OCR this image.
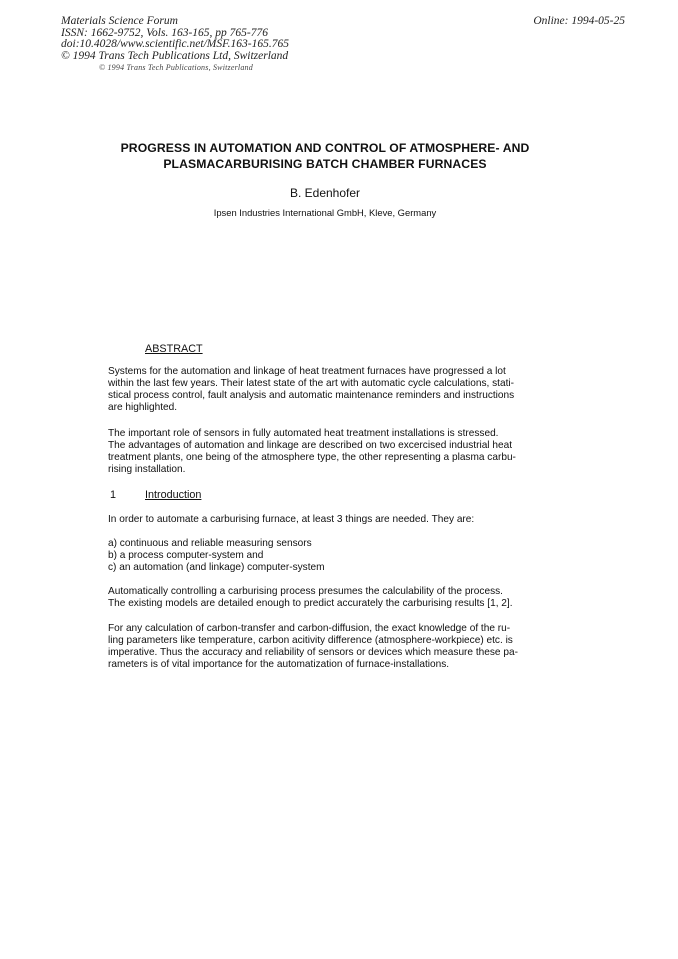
Materials Science Forum
ISSN: 1662-9752, Vols. 163-165, pp 765-776
doi:10.4028/www.scientific.net/MSF.163-165.765
© 1994 Trans Tech Publications Ltd, Switzerland
© 1994 Trans Tech Publications, Switzerland
Online: 1994-05-25
PROGRESS IN AUTOMATION AND CONTROL OF ATMOSPHERE- AND
PLASMACARBURISING BATCH CHAMBER FURNACES
B. Edenhofer
Ipsen Industries International GmbH, Kleve, Germany
ABSTRACT

Systems for the automation and linkage of heat treatment furnaces have progressed a lot

within the last few years. Their latest state of the art with automatic cycle calculations, stati-

stical process control, fault analysis and automatic maintenance reminders and instructions

are highlighted.

The important role of sensors in fully automated heat treatment installations is stressed.

The advantages of automation and linkage are described on two excercised industrial heat

treatment plants, one being of the atmosphere type, the other representing a plasma carbu-

rising installation.

1	Introduction
In order to automate a carburising furnace, at least 3 things are needed. They are:

a) continuous and reliable measuring sensors

b) a process computer-system and

c) an automation (and linkage) computer-system

Automatically controlling a carburising process presumes the calculability of the process.

The existing models are detailed enough to predict accurately the carburising results [1, 2].

For any calculation of carbon-transfer and carbon-diffusion, the exact knowledge of the ru-

ling parameters like temperature, carbon acitivity difference (atmosphere-workpiece) etc. is

imperative. Thus the accuracy and reliability of sensors or devices which measure these pa-

rameters is of vital importance for the automatization of furnace-installations.
